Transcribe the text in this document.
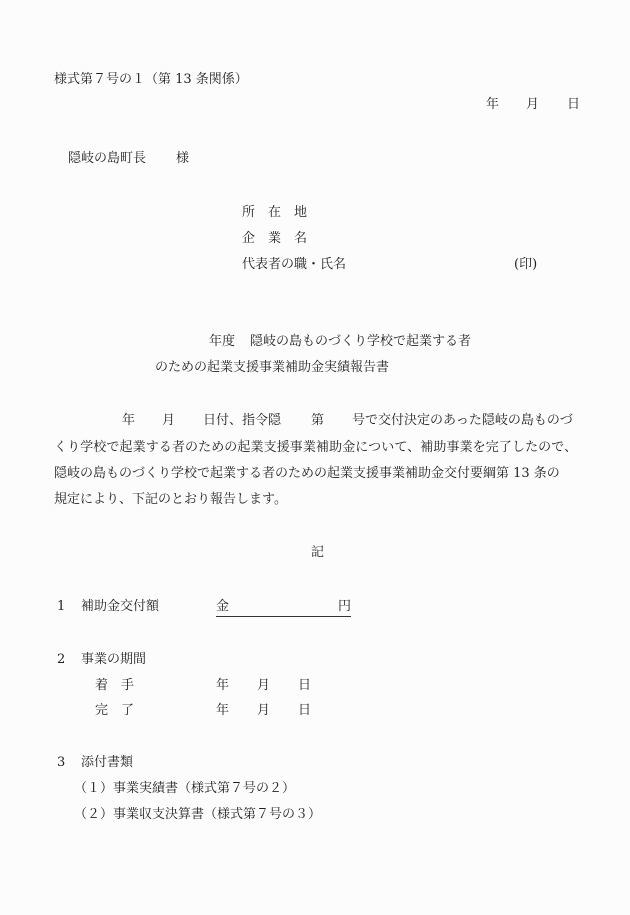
様式第７号の１（第 13 条関係）
年 月 日
隠岐の島町長 様
所　在　地
企　業　名
代表者の職・氏名	(印)
年度 隠岐の島ものづくり学校で起業する者
のための起業支援事業補助金実績報告書
年 月 日付、指令隠 第 号で交付決定のあった隠岐の島ものづ
くり学校で起業する者のための起業支援事業補助金について、補助事業を完了したので、
隠岐の島ものづくり学校で起業する者のための起業支援事業補助金交付要綱第 13 条の
規定により、下記のとおり報告します。
記
1 補助金交付額	金	円
2 事業の期間
着　手	年 月 日
完　了	年 月 日
3 添付書類
（１）事業実績書（様式第７号の２）
（２）事業収支決算書（様式第７号の３）
